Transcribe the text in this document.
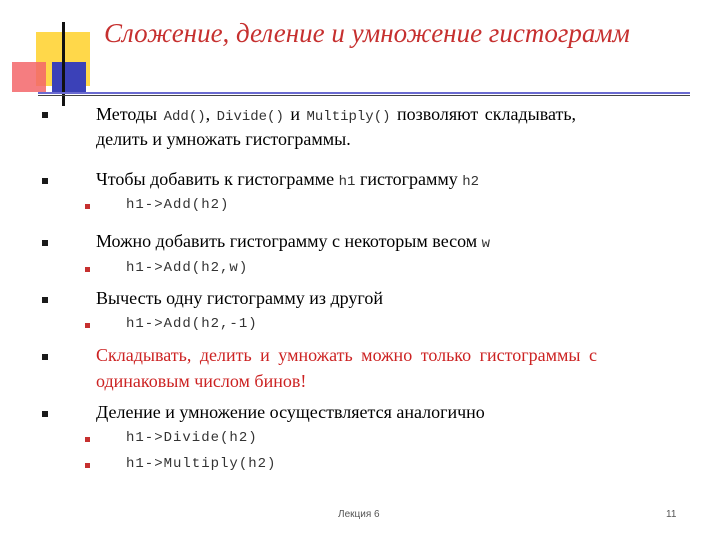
Сложение, деление и умножение гистограмм
Методы Add(), Divide() и Multiply() позволяют складывать,
делить и умножать гистограммы.
Чтобы добавить к гистограмме h1 гистограмму h2
h1->Add(h2)
Можно добавить гистограмму с некоторым весом w
h1->Add(h2,w)
Вычесть одну гистограмму из другой
h1->Add(h2,-1)
Складывать, делить и умножать можно только гистограммы с
одинаковым числом бинов!
Деление и умножение осуществляется аналогично
h1->Divide(h2)
h1->Multiply(h2)
Лекция 6	11
